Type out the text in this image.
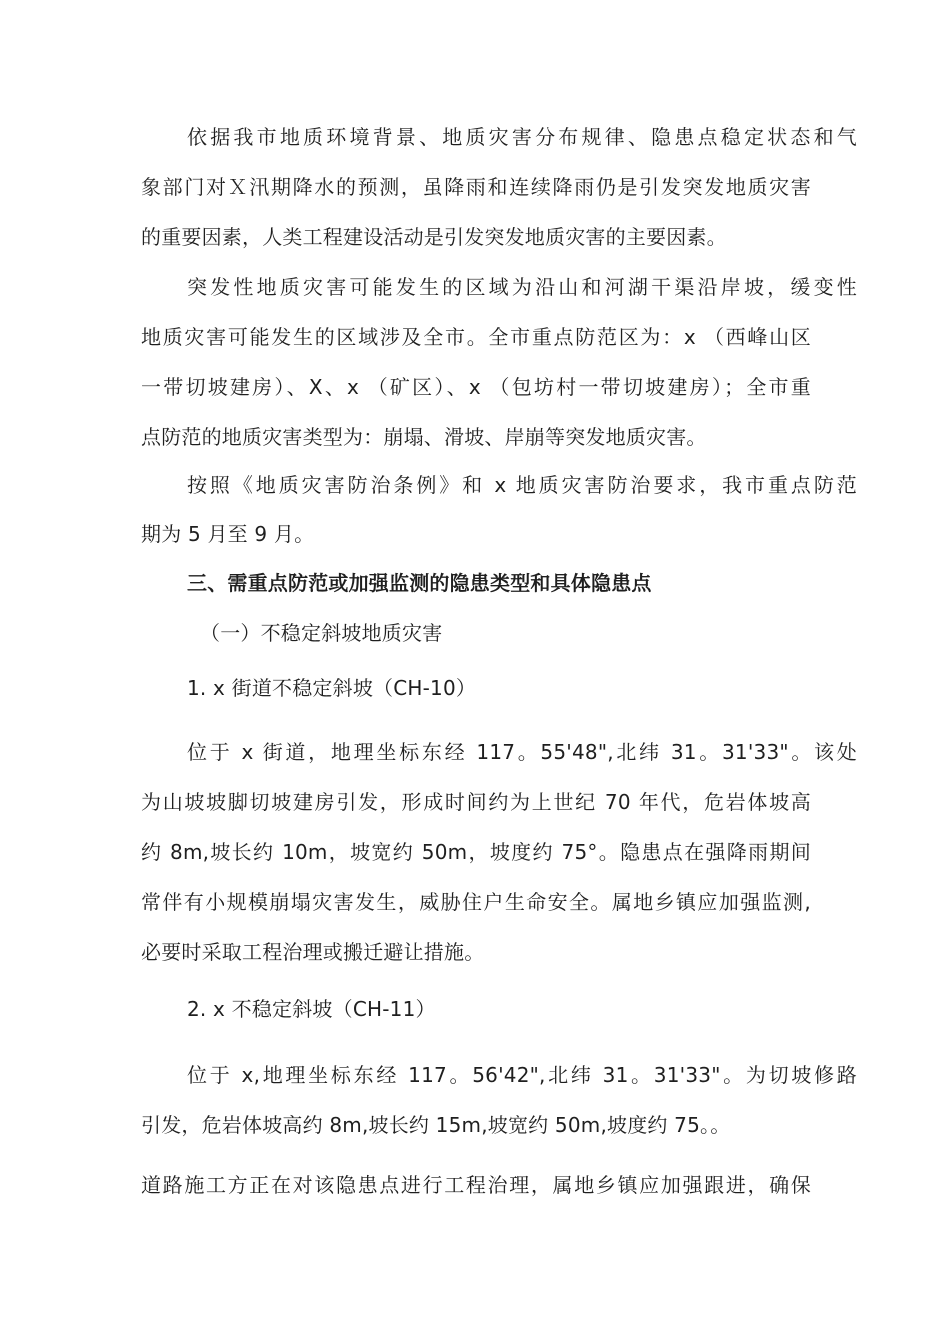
依据我市地质环境背景、地质灾害分布规律、隐患点稳定状态和气
象部门对Ｘ汛期降水的预测，虽降雨和连续降雨仍是引发突发地质灾害
的重要因素，人类工程建设活动是引发突发地质灾害的主要因素。
突发性地质灾害可能发生的区域为沿山和河湖干渠沿岸坡，缓变性
地质灾害可能发生的区域涉及全市。全市重点防范区为：x （西峰山区
一带切坡建房）、X、x （矿区）、x （包坊村一带切坡建房）；全市重
点防范的地质灾害类型为：崩塌、滑坡、岸崩等突发地质灾害。
按照《地质灾害防治条例》和 x 地质灾害防治要求，我市重点防范
期为 5 月至 9 月。
三、需重点防范或加强监测的隐患类型和具体隐患点
（一）不稳定斜坡地质灾害
1. x 街道不稳定斜坡（CH-10）
位于 x 街道，地理坐标东经 117。55'48",北纬 31。31'33"。该处
为山坡坡脚切坡建房引发，形成时间约为上世纪 70 年代，危岩体坡高
约 8m,坡长约 10m，坡宽约 50m，坡度约 75°。隐患点在强降雨期间
常伴有小规模崩塌灾害发生，威胁住户生命安全。属地乡镇应加强监测,
必要时采取工程治理或搬迁避让措施。
2. x 不稳定斜坡（CH-11）
位于 x,地理坐标东经 117。56'42",北纬 31。31'33"。为切坡修路
引发，危岩体坡高约 8m,坡长约 15m,坡宽约 50m,坡度约 75。。
道路施工方正在对该隐患点进行工程治理，属地乡镇应加强跟进，确保
